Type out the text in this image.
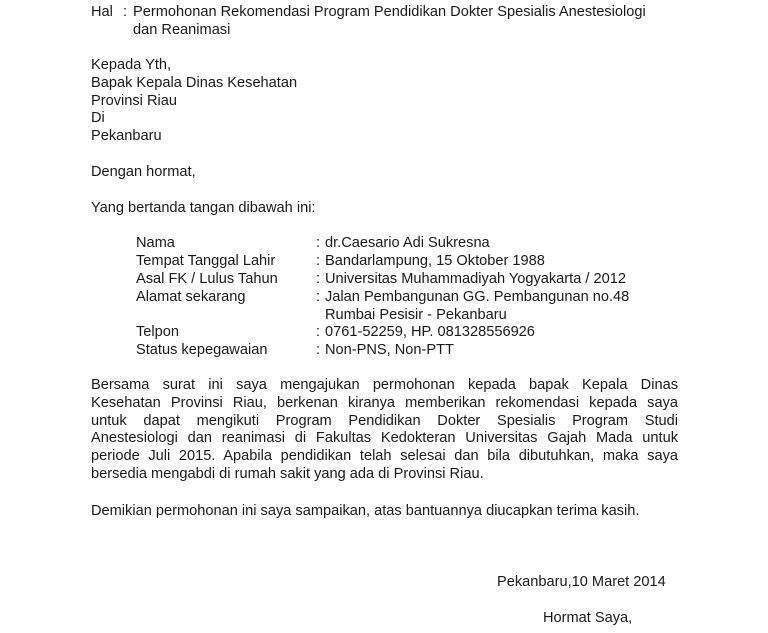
Hal : Permohonan Rekomendasi Program Pendidikan Dokter Spesialis Anestesiologi
dan Reanimasi
Kepada Yth,
Bapak Kepala Dinas Kesehatan
Provinsi Riau
Di
Pekanbaru
Dengan hormat,
Yang bertanda tangan dibawah ini:
Nama	: dr.Caesario Adi Sukresna
Tempat Tanggal Lahir	: Bandarlampung, 15 Oktober 1988
Asal FK / Lulus Tahun	: Universitas Muhammadiyah Yogyakarta / 2012
Alamat sekarang	: Jalan Pembangunan GG. Pembangunan no.48
Rumbai Pesisir - Pekanbaru
Telpon	: 0761-52259, HP. 081328556926
Status kepegawaian	: Non-PNS, Non-PTT
Bersama surat ini saya mengajukan permohonan kepada bapak Kepala Dinas
Kesehatan Provinsi Riau, berkenan kiranya memberikan rekomendasi kepada saya
untuk dapat mengikuti Program Pendidikan Dokter Spesialis Program Studi
Anestesiologi dan reanimasi di Fakultas Kedokteran Universitas Gajah Mada untuk
periode Juli 2015. Apabila pendidikan telah selesai dan bila dibutuhkan, maka saya
bersedia mengabdi di rumah sakit yang ada di Provinsi Riau.
Demikian permohonan ini saya sampaikan, atas bantuannya diucapkan terima kasih.
Pekanbaru,10 Maret 2014
Hormat Saya,
